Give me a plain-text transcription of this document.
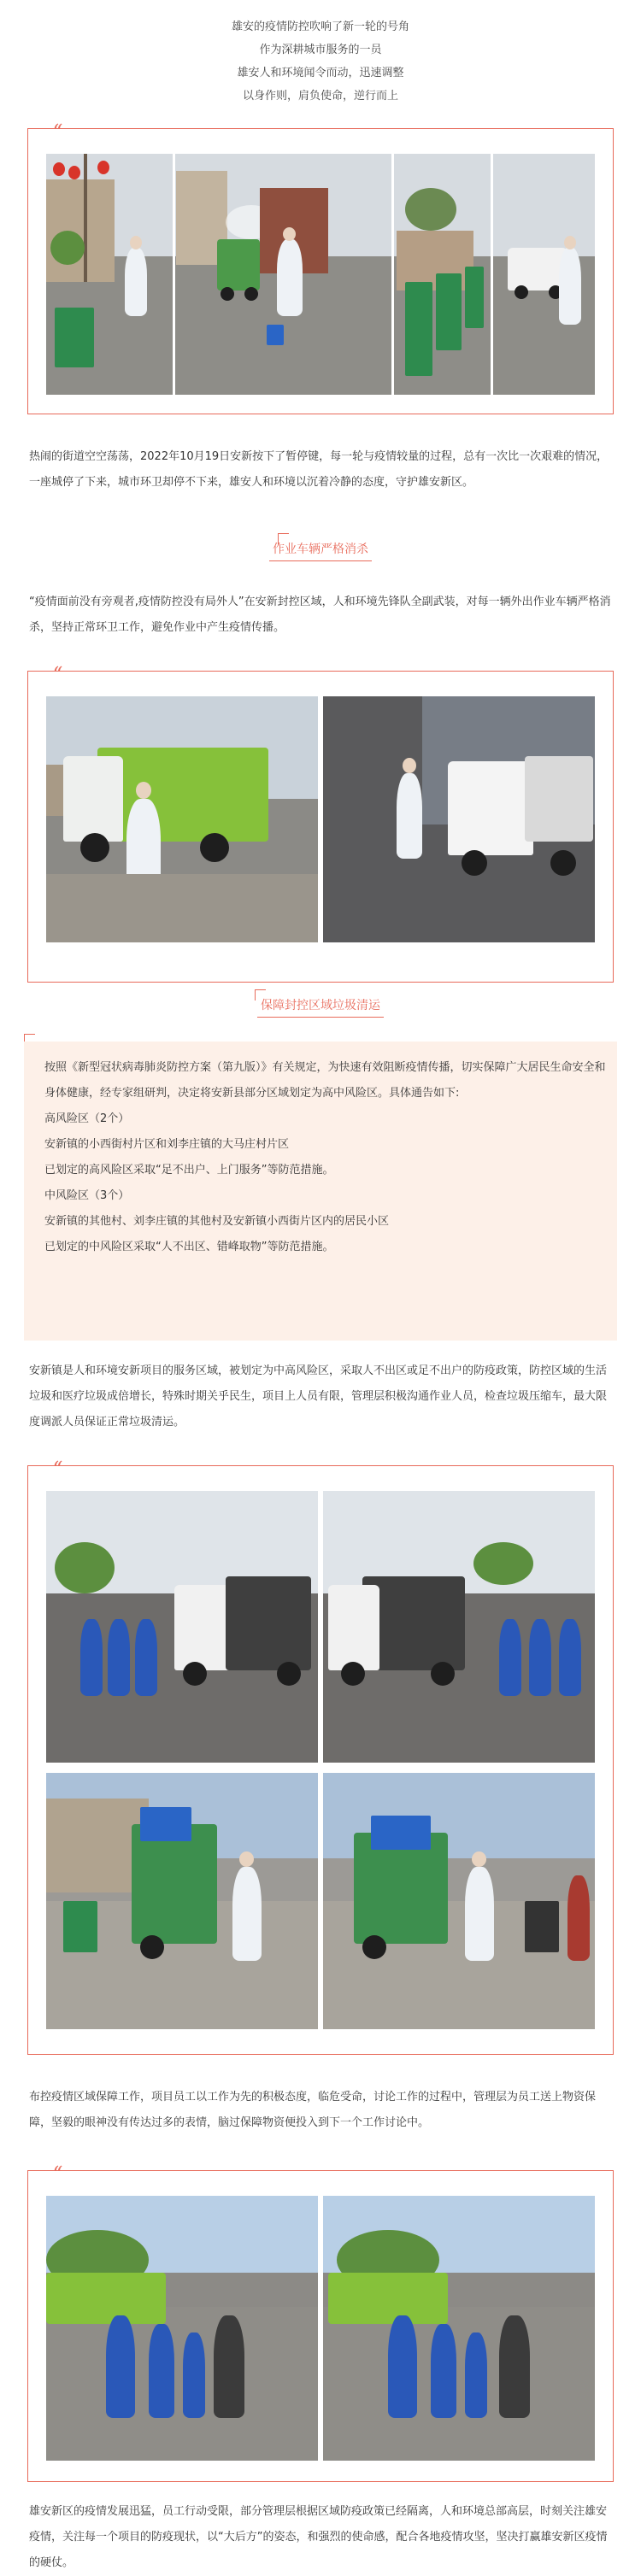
雄安的疫情防控吹响了新一轮的号角
作为深耕城市服务的一员
雄安人和环境闻令而动，迅速调整
以身作则，肩负使命，逆行而上
“
热闹的街道空空荡荡，2022年10月19日安新按下了暂停键，每一轮与疫情较量的过程，总有一次比一次艰难的情况，一座城停了下来，城市环卫却停不下来，雄安人和环境以沉着冷静的态度，守护雄安新区。
作业车辆严格消杀
“疫情面前没有旁观者,疫情防控没有局外人”在安新封控区域，人和环境先锋队全副武装，对每一辆外出作业车辆严格消杀，坚持正常环卫工作，避免作业中产生疫情传播。
“
保障封控区域垃圾清运
按照《新型冠状病毒肺炎防控方案（第九版）》有关规定，为快速有效阻断疫情传播，切实保障广大居民生命安全和身体健康，经专家组研判，决定将安新县部分区域划定为高中风险区。具体通告如下:
高风险区（2个）
安新镇的小西街村片区和刘李庄镇的大马庄村片区
已划定的高风险区采取“足不出户、上门服务”等防范措施。
中风险区（3个）
安新镇的其他村、刘李庄镇的其他村及安新镇小西街片区内的居民小区
已划定的中风险区采取“人不出区、错峰取物”等防范措施。
安新镇是人和环境安新项目的服务区域，被划定为中高风险区，采取人不出区或足不出户的防疫政策，防控区域的生活垃圾和医疗垃圾成倍增长，特殊时期关乎民生，项目上人员有限，管理层积极沟通作业人员，检查垃圾压缩车，最大限度调派人员保证正常垃圾清运。
“
布控疫情区域保障工作，项目员工以工作为先的积极态度，临危受命，讨论工作的过程中，管理层为员工送上物资保障，坚毅的眼神没有传达过多的表情，脑过保障物资便投入到下一个工作讨论中。
“
雄安新区的疫情发展迅猛，员工行动受限，部分管理层根据区域防疫政策已经隔离，人和环境总部高层，时刻关注雄安疫情，关注每一个项目的防疫现状，以“大后方”的姿态，和强烈的使命感，配合各地疫情攻坚，坚决打赢雄安新区疫情的硬仗。
